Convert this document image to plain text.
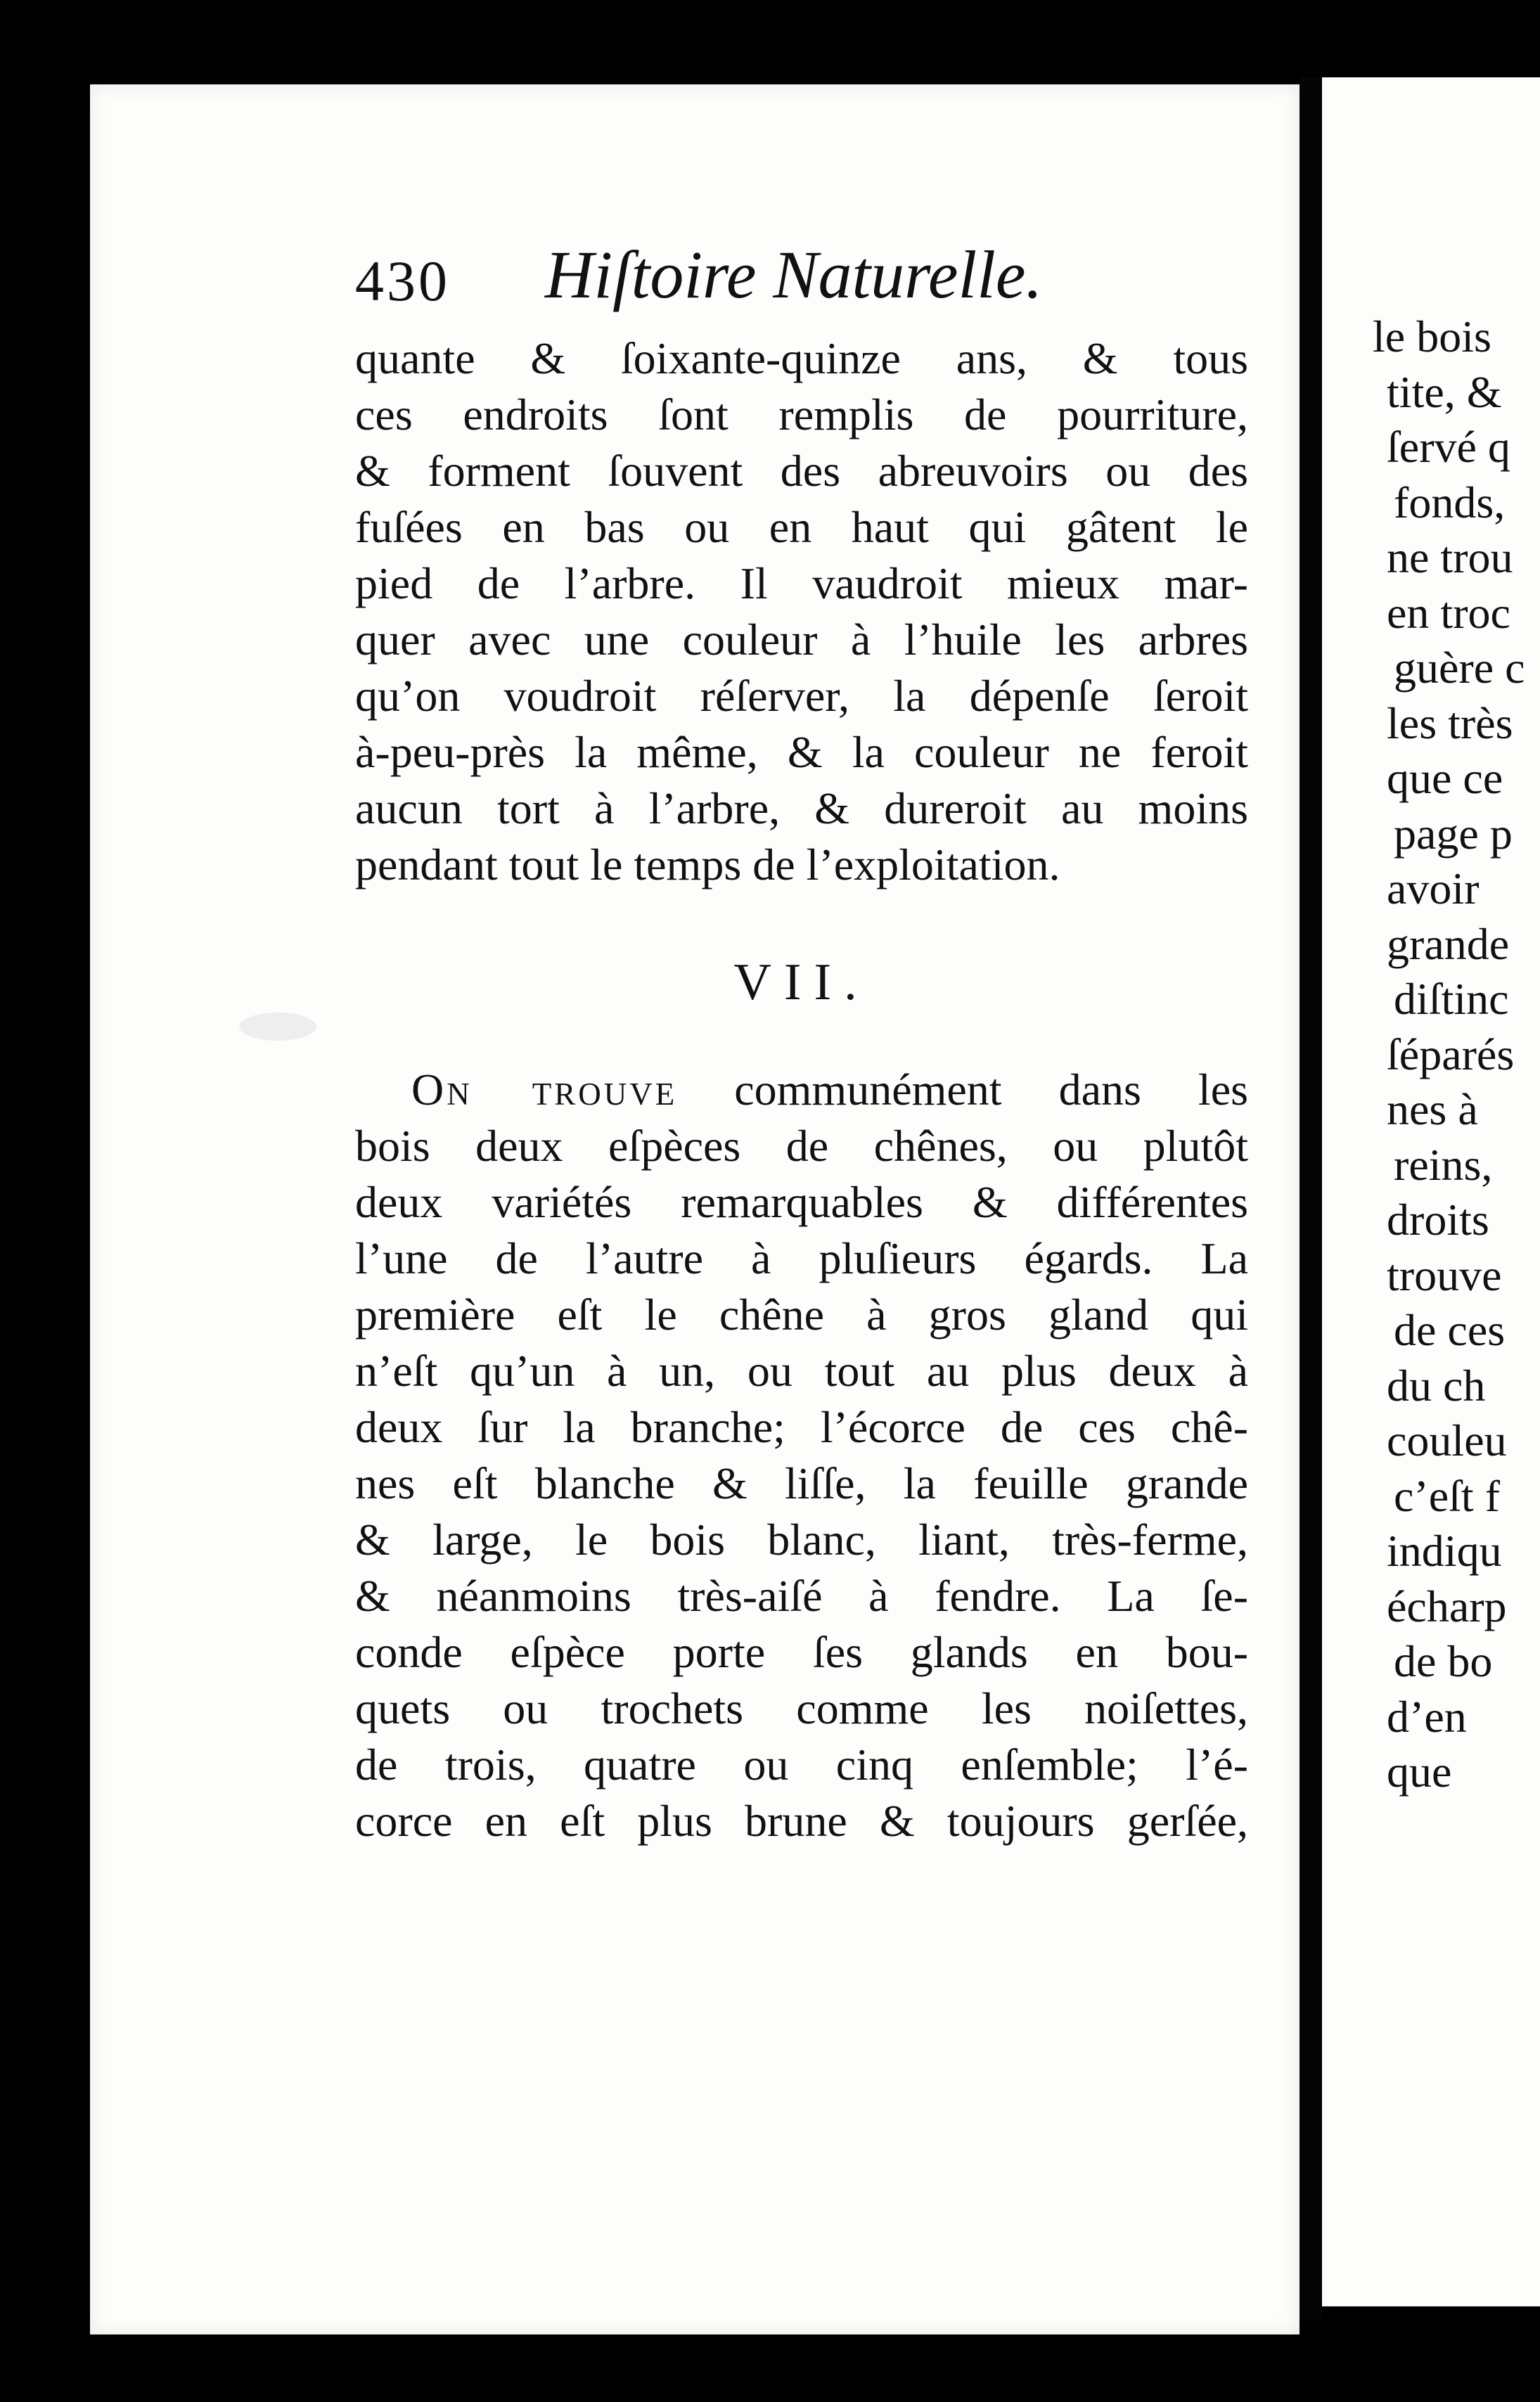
le bois
tite, &
ſervé q
fonds,
ne trou
en troc
guère c
les très
que ce
page p
avoir
grande
diſtinc
ſéparés
nes à
reins,
droits
trouve
de ces
du ch
couleu
c’eſt f
indiqu
écharp
de bo
d’en
que
430 Hiſtoire Naturelle.
quante & ſoixante-quinze ans, & tous
ces endroits ſont remplis de pourriture,
& forment ſouvent des abreuvoirs ou des
fuſées en bas ou en haut qui gâtent le
pied de l’arbre. Il vaudroit mieux mar-
quer avec une couleur à l’huile les arbres
qu’on voudroit réſerver, la dépenſe ſeroit
à-peu-près la même, & la couleur ne feroit
aucun tort à l’arbre, & dureroit au moins
pendant tout le temps de l’exploitation.
VII.
On trouve communément dans les
bois deux eſpèces de chênes, ou plutôt
deux variétés remarquables & différentes
l’une de l’autre à pluſieurs égards. La
première eſt le chêne à gros gland qui
n’eſt qu’un à un, ou tout au plus deux à
deux ſur la branche; l’écorce de ces chê-
nes eſt blanche & liſſe, la feuille grande
& large, le bois blanc, liant, très-ferme,
& néanmoins très-aiſé à fendre. La ſe-
conde eſpèce porte ſes glands en bou-
quets ou trochets comme les noiſettes,
de trois, quatre ou cinq enſemble; l’é-
corce en eſt plus brune & toujours gerſée,
